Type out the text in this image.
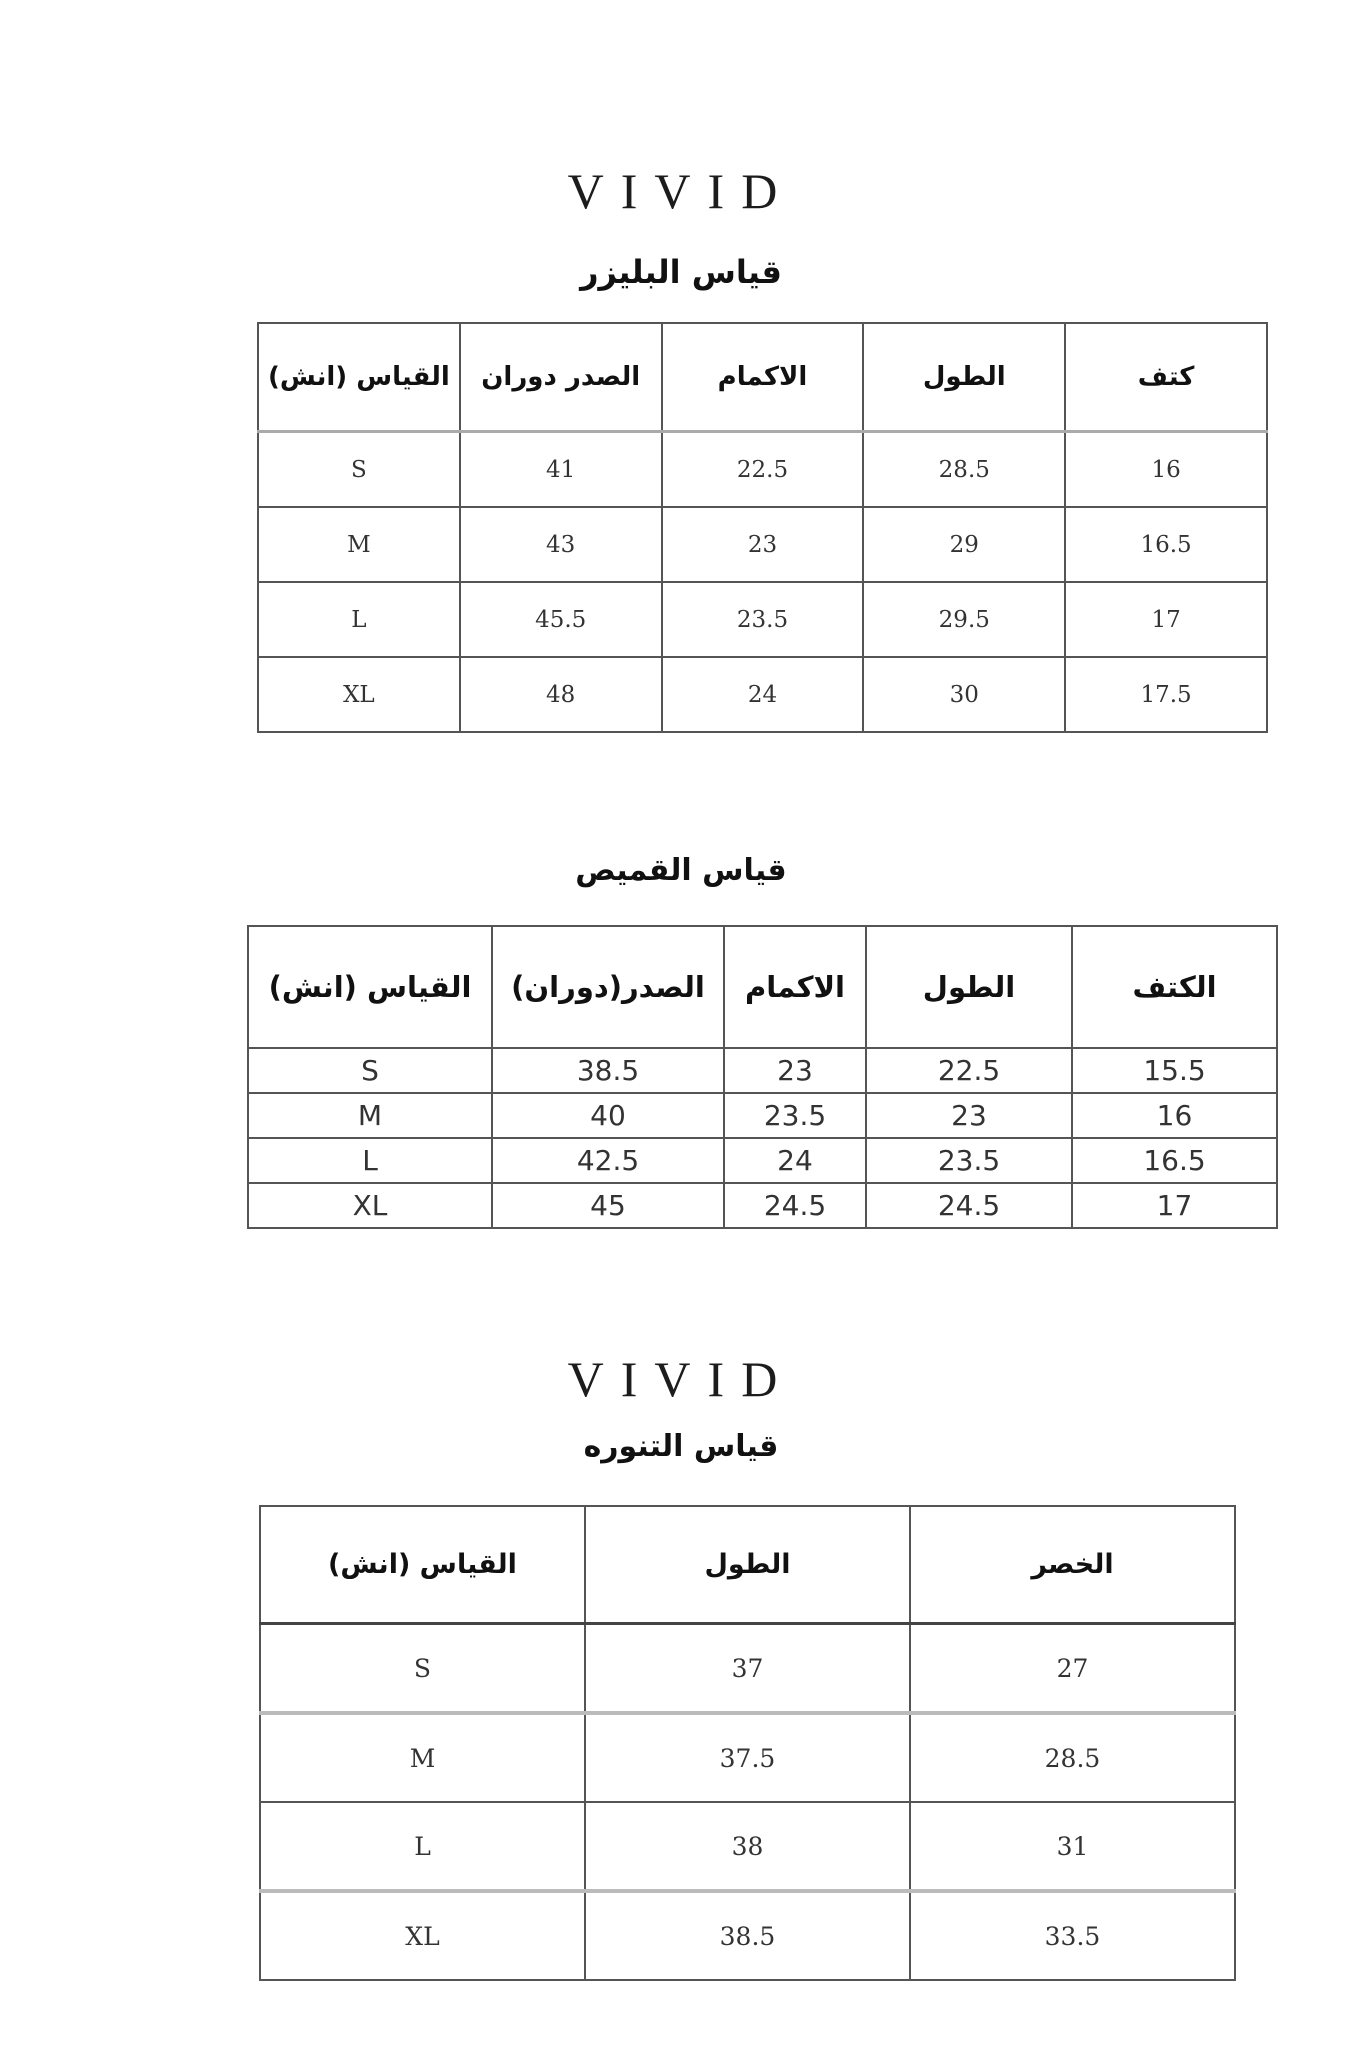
VIVID
قياس البليزر
كتف	الطول	الاكمام	الصدر دوران	القياس (انش)
16	28.5	22.5	41	S
16.5	29	23	43	M
17	29.5	23.5	45.5	L
17.5	30	24	48	XL
قياس القميص
الكتف	الطول	الاكمام	الصدر(دوران)	القياس (انش)
15.5	22.5	23	38.5	S
16	23	23.5	40	M
16.5	23.5	24	42.5	L
17	24.5	24.5	45	XL
VIVID
قياس التنوره
الخصر	الطول	القياس (انش)
27	37	S
28.5	37.5	M
31	38	L
33.5	38.5	XL
